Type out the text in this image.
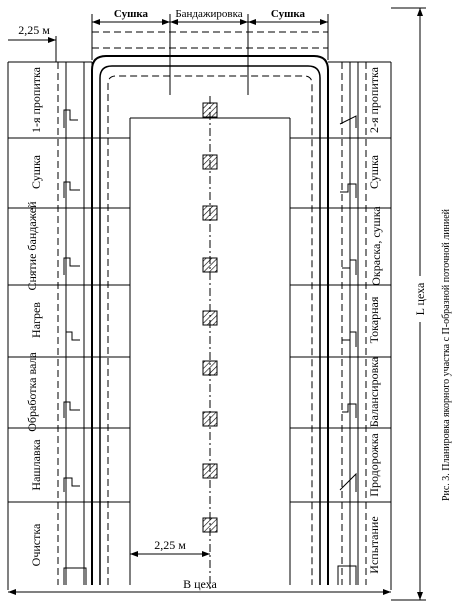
Сушка Бандажировка	Сушка
2,25 м
2,25 м
В цеха
1-я пропитка
Сушка
Снятие бандажей
Нагрев
Обработка вала
Нашлавка
Очистка
2-я пропитка
Сушка
Окраска, сушка
Токарная
Балансировка
Продорожка
Испытание
L цеха Рис. 3. Планировка якорного участка с П-образной поточной линией
